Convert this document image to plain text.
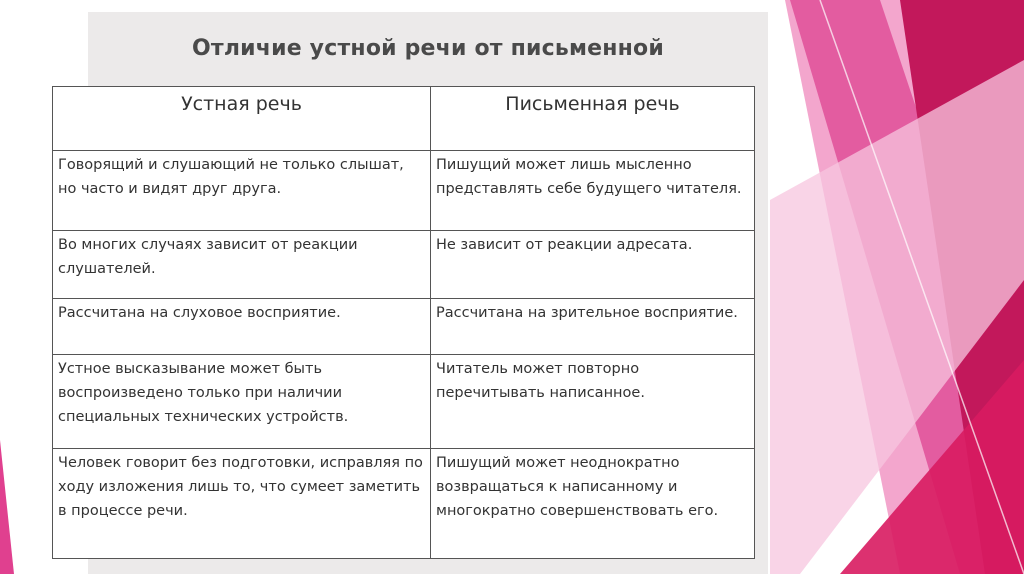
Отличие устной речи от письменной
Устная речь	Письменная речь
Говорящий и слушающий не только слышат, но часто и видят друг друга.	Пишущий может лишь мысленно представлять себе будущего читателя.
Во многих случаях зависит от реакции слушателей.	Не зависит от реакции адресата.
Рассчитана на слуховое восприятие.	Рассчитана на зрительное восприятие.
Устное высказывание может быть воспроизведено только при наличии специальных технических устройств.	Читатель может повторно перечитывать написанное.
Человек говорит без подготовки, исправляя по ходу изложения лишь то, что сумеет заметить в процессе речи.	Пишущий может неоднократно возвращаться к написанному и многократно совершенствовать его.
